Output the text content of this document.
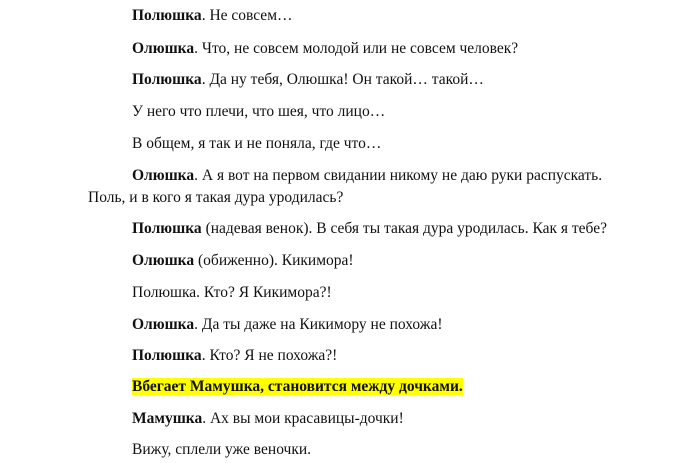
Полюшка. Не совсем…
Олюшка. Что, не совсем молодой или не совсем человек?
Полюшка. Да ну тебя, Олюшка! Он такой… такой…
У него что плечи, что шея, что лицо…
В общем, я так и не поняла, где что…
Олюшка. А я вот на первом свидании никому не даю руки распускать.
Поль, и в кого я такая дура уродилась?
Полюшка (надевая венок). В себя ты такая дура уродилась. Как я тебе?
Олюшка (обиженно). Кикимора!
Полюшка. Кто? Я Кикимора?!
Олюшка. Да ты даже на Кикимору не похожа!
Полюшка. Кто? Я не похожа?!
Вбегает Мамушка, становится между дочками.
Мамушка. Ах вы мои красавицы-дочки!
Вижу, сплели уже веночки.
